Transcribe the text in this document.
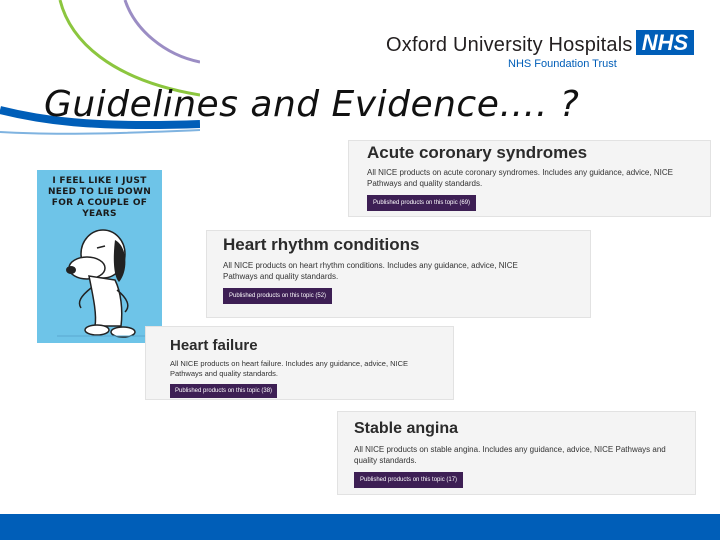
Oxford University Hospitals NHS
NHS Foundation Trust
Guidelines and Evidence…. ?
I FEEL LIKE I JUST NEED TO LIE DOWN FOR A COUPLE OF YEARS
Acute coronary syndromes
All NICE products on acute coronary syndromes. Includes any guidance, advice, NICE Pathways and quality standards.
Published products on this topic (69)
Heart rhythm conditions
All NICE products on heart rhythm conditions. Includes any guidance, advice, NICE Pathways and quality standards.
Published products on this topic (52)
Heart failure
All NICE products on heart failure. Includes any guidance, advice, NICE Pathways and quality standards.
Published products on this topic (38)
Stable angina
All NICE products on stable angina. Includes any guidance, advice, NICE Pathways and quality standards.
Published products on this topic (17)
